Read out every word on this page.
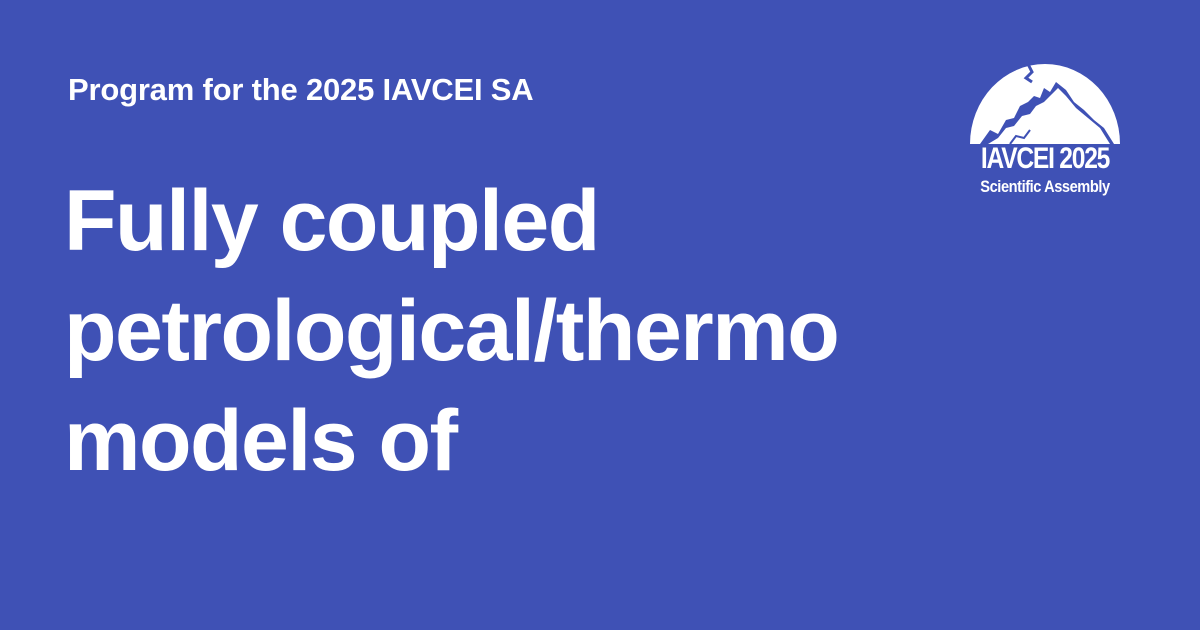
Program for the 2025 IAVCEI SA

Fully coupled
petrological/thermo
models of
IAVCEI 2025
Scientific Assembly
